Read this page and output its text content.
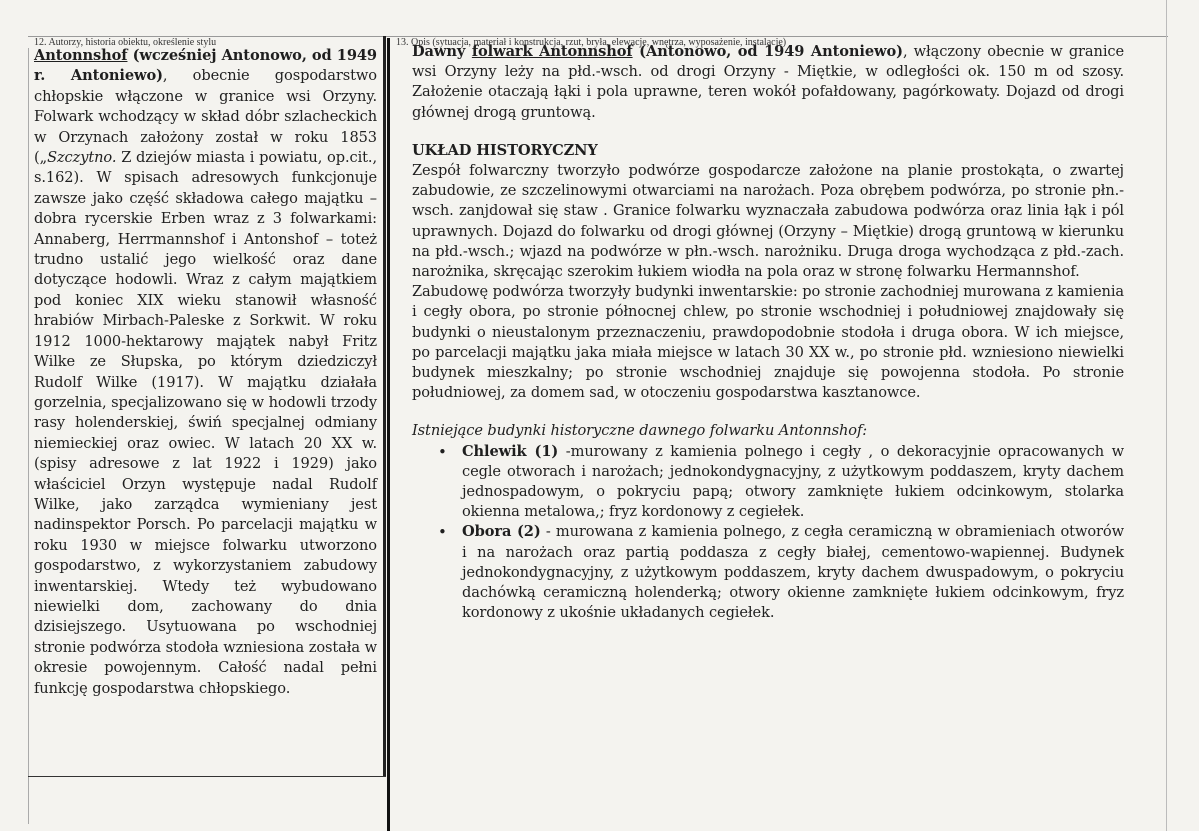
12. Autorzy, historia obiektu, określenie stylu	13. Opis (sytuacja, materiał i konstrukcja, rzut, bryła, elewacje, wnętrza, wyposażenie, instalacje)
Antonnshof (wcześniej Antonowo, od 1949 r. Antoniewo), obecnie gospodarstwo chłopskie włączone w granice wsi Orzyny. Folwark wchodzący w skład dóbr szlacheckich w Orzynach założony został w roku 1853 („Szczytno. Z dziejów miasta i powiatu, op.cit., s.162). W spisach adresowych funkcjonuje zawsze jako część składowa całego majątku – dobra rycerskie Erben wraz z 3 folwarkami: Annaberg, Herrmannshof i Antonshof – toteż trudno ustalić jego wielkość oraz dane dotyczące hodowli. Wraz z całym majątkiem pod koniec XIX wieku stanowił własność hrabiów Mirbach-Paleske z Sorkwit. W roku 1912 1000-hektarowy majątek nabył Fritz Wilke ze Słupska, po którym dziedziczył Rudolf Wilke (1917). W majątku działała gorzelnia, specjalizowano się w hodowli trzody rasy holenderskiej, świń specjalnej odmiany niemieckiej oraz owiec. W latach 20 XX w. (spisy adresowe z lat 1922 i 1929) jako właściciel Orzyn występuje nadal Rudolf Wilke, jako zarządca wymieniany jest nadinspektor Porsch. Po parcelacji majątku w roku 1930 w miejsce folwarku utworzono gospodarstwo, z wykorzystaniem zabudowy inwentarskiej. Wtedy też wybudowano niewielki dom, zachowany do dnia dzisiejszego. Usytuowana po wschodniej stronie podwórza stodoła wzniesiona została w okresie powojennym. Całość nadal pełni funkcję gospodarstwa chłopskiego.

Dawny folwark Antonnshof (Antonowo, od 1949 Antoniewo), włączony obecnie w granice wsi Orzyny leży na płd.-wsch. od drogi Orzyny - Miętkie, w odległości ok. 150 m od szosy. Założenie otaczają łąki i pola uprawne, teren wokół pofałdowany, pagórkowaty. Dojazd od drogi głównej drogą gruntową.

UKŁAD HISTORYCZNY

Zespół folwarczny tworzyło podwórze gospodarcze założone na planie prostokąta, o zwartej zabudowie, ze szczelinowymi otwarciami na narożach. Poza obrębem podwórza, po stronie płn.-wsch. zanjdował się staw . Granice folwarku wyznaczała zabudowa podwórza oraz linia łąk i pól uprawnych. Dojazd do folwarku od drogi głównej (Orzyny – Miętkie) drogą gruntową w kierunku na płd.-wsch.; wjazd na podwórze w płn.-wsch. narożniku. Druga droga wychodząca z płd.-zach. narożnika, skręcając szerokim łukiem wiodła na pola oraz w stronę folwarku Hermannshof.

Zabudowę podwórza tworzyły budynki inwentarskie: po stronie zachodniej murowana z kamienia i cegły obora, po stronie północnej chlew, po stronie wschodniej i południowej znajdowały się budynki o nieustalonym przeznaczeniu, prawdopodobnie stodoła i druga obora. W ich miejsce, po parcelacji majątku jaka miała miejsce w latach 30 XX w., po stronie płd. wzniesiono niewielki budynek mieszkalny; po stronie wschodniej znajduje się powojenna stodoła. Po stronie południowej, za domem sad, w otoczeniu gospodarstwa kasztanowce.

Istniejące budynki historyczne dawnego folwarku Antonnshof:

• Chlewik (1) -murowany z kamienia polnego i cegły , o dekoracyjnie opracowanych w cegle otworach i narożach; jednokondygnacyjny, z użytkowym poddaszem, kryty dachem jednospadowym, o pokryciu papą; otwory zamknięte łukiem odcinkowym, stolarka okienna metalowa,; fryz kordonowy z cegiełek.
• Obora (2) - murowana z kamienia polnego, z cegła ceramiczną w obramieniach otworów i na narożach oraz partią poddasza z cegły białej, cementowo-wapiennej. Budynek jednokondygnacyjny, z użytkowym poddaszem, kryty dachem dwuspadowym, o pokryciu dachówką ceramiczną holenderką; otwory okienne zamknięte łukiem odcinkowym, fryz kordonowy z ukośnie układanych cegiełek.
